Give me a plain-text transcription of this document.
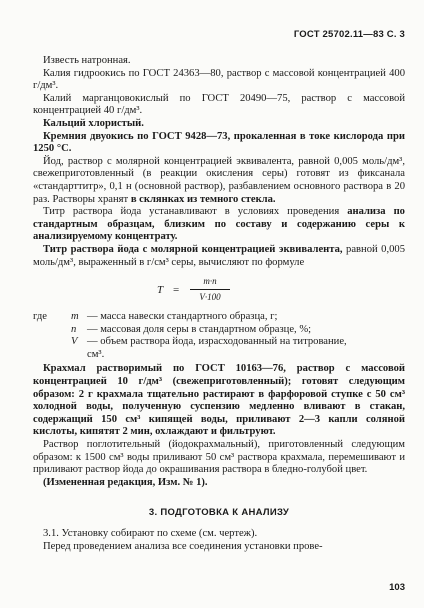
ГОСТ 25702.11—83 С. 3

Известь натронная.

Калия гидроокись по ГОСТ 24363—80, раствор с массовой концентрацией 400 г/дм³.

Калий марганцовокислый по ГОСТ 20490—75, раствор с массовой концентрацией 40 г/дм³.

Кальций хлористый.

Кремния двуокись по ГОСТ 9428—73, прокаленная в токе кислорода при 1250 °С.

Йод, раствор с молярной концентрацией эквивалента, равной 0,005 моль/дм³, свежеприготовленный (в реакции окисления серы) готовят из фиксанала «стандарттитр», 0,1 н (основной раствор), разбавлением основного раствора в 20 раз. Растворы хранят в склянках из темного стекла.

Титр раствора йода устанавливают в условиях проведения анализа по стандартным образцам, близким по составу и содержанию серы к анализируемому концентрату.

Титр раствора йода с молярной концентрацией эквивалента, равной 0,005 моль/дм³, выраженный в г/см³ серы, вычисляют по формуле

$T = \frac{m\cdot n}{V\cdot 100}$
где	m — масса навески стандартного образца, г;
n	— массовая доля серы в стандартном образце, %;
V — объем раствора йода, израсходованный на титрование,
см³.

Крахмал растворимый по ГОСТ 10163—76, раствор с массовой концентрацией 10 г/дм³ (свежеприготовленный); готовят следующим образом: 2 г крахмала тщательно растирают в фарфоровой ступке с 50 см³ холодной воды, полученную суспензию медленно вливают в стакан, содержащий 150 см³ кипящей воды, приливают 2—3 капли соляной кислоты, кипятят 2 мин, охлаждают и фильтруют.

Раствор поглотительный (йодокрахмальный), приготовленный следующим образом: к 1500 см³ воды приливают 50 см³ раствора крахмала, перемешивают и приливают раствор йода до окрашивания раствора в бледно-голубой цвет.

(Измененная редакция, Изм. № 1).

3. ПОДГОТОВКА К АНАЛИЗУ

3.1. Установку собирают по схеме (см. чертеж).

Перед проведением анализа все соединения установки прове-

103
